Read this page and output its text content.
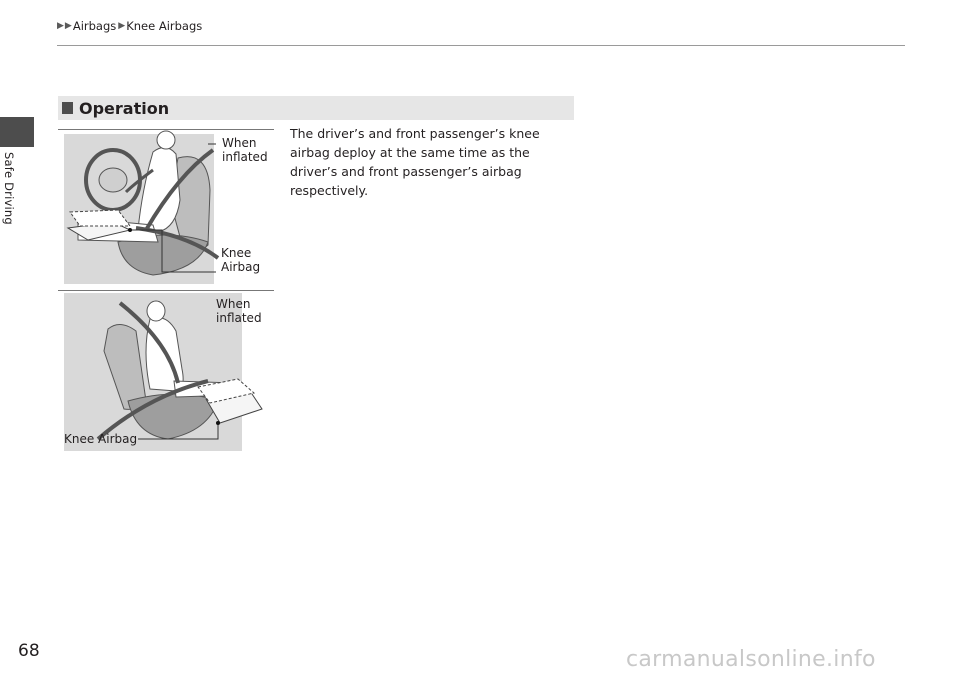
Safe Driving
▶ ▶ Airbags ▶ Knee Airbags
Operation
The driver’s and front passenger’s knee airbag deploy at the same time as the driver’s and front passenger’s airbag respectively.
When
inflated
Knee
Airbag
When
inflated
Knee Airbag
68	carmanualsonline.info
